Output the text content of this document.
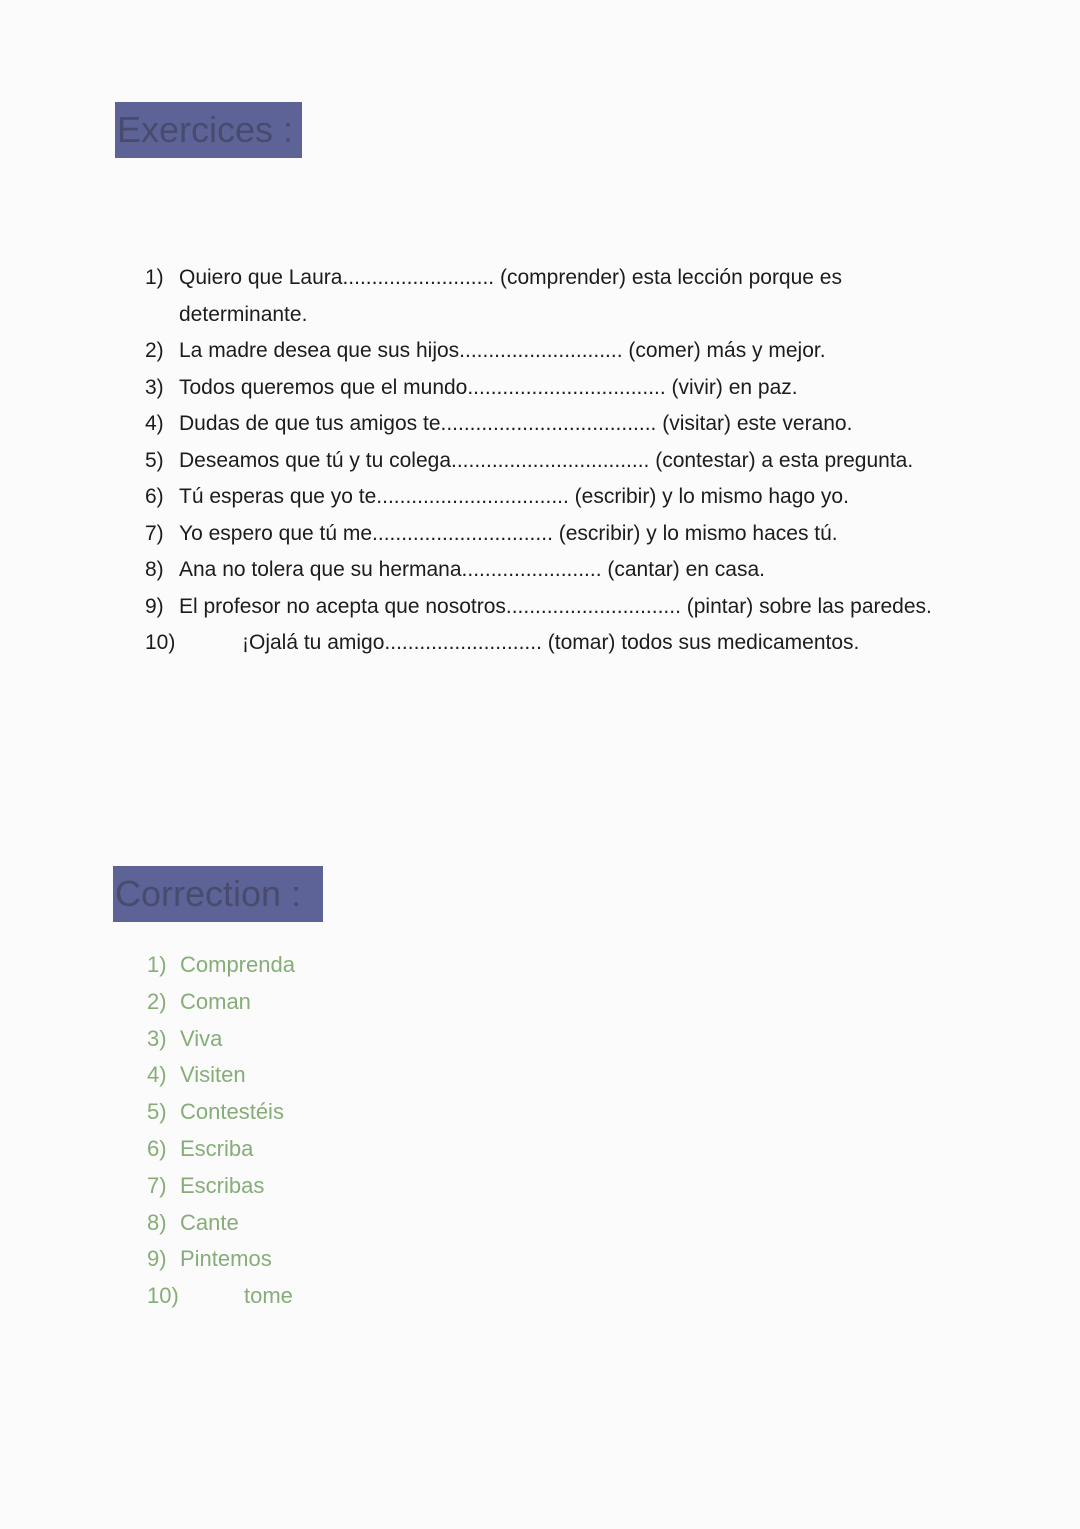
Exercices :
1) Quiero que Laura.......................... (comprender) esta lección porque es determinante.
2) La madre desea que sus hijos............................ (comer) más y mejor.
3) Todos queremos que el mundo.................................. (vivir) en paz.
4) Dudas de que tus amigos te..................................... (visitar) este verano.
5) Deseamos que tú y tu colega.................................. (contestar) a esta pregunta.
6) Tú esperas que yo te................................. (escribir) y lo mismo hago yo.
7) Yo espero que tú me............................... (escribir) y lo mismo haces tú.
8) Ana no tolera que su hermana........................ (cantar) en casa.
9) El profesor no acepta que nosotros.............................. (pintar) sobre las paredes.
10)	¡Ojalá tu amigo........................... (tomar) todos sus medicamentos.
Correction :
1) Comprenda
2) Coman
3) Viva
4) Visiten
5) Contestéis
6) Escriba
7) Escribas
8) Cante
9) Pintemos
10)	tome
